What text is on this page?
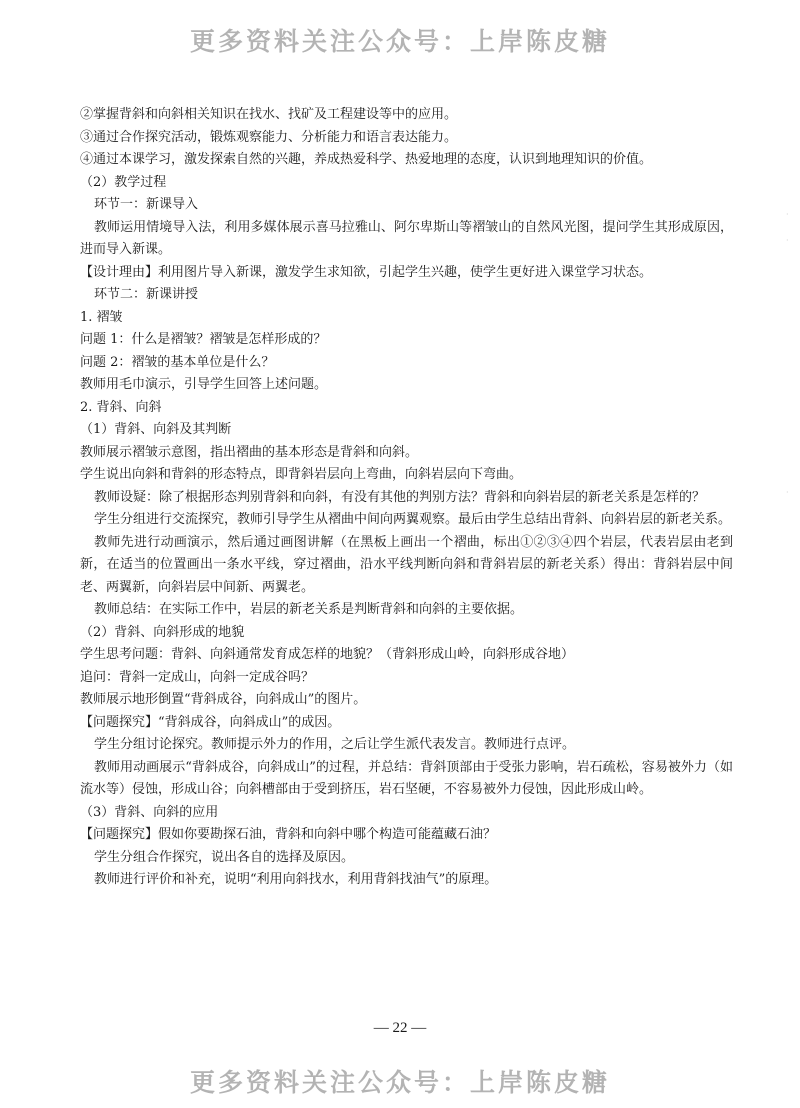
更多资料关注公众号：上岸陈皮糖
·
·
·

②掌握背斜和向斜相关知识在找水、找矿及工程建设等中的应用。

③通过合作探究活动，锻炼观察能力、分析能力和语言表达能力。

④通过本课学习，激发探索自然的兴趣，养成热爱科学、热爱地理的态度，认识到地理知识的价值。

（2）教学过程

环节一：新课导入

教师运用情境导入法，利用多媒体展示喜马拉雅山、阿尔卑斯山等褶皱山的自然风光图，提问学生其形成原因，进而导入新课。

【设计理由】利用图片导入新课，激发学生求知欲，引起学生兴趣，使学生更好进入课堂学习状态。

环节二：新课讲授

1. 褶皱

问题 1：什么是褶皱？褶皱是怎样形成的？

问题 2：褶皱的基本单位是什么？

教师用毛巾演示，引导学生回答上述问题。

2. 背斜、向斜

（1）背斜、向斜及其判断

教师展示褶皱示意图，指出褶曲的基本形态是背斜和向斜。

学生说出向斜和背斜的形态特点，即背斜岩层向上弯曲，向斜岩层向下弯曲。

教师设疑：除了根据形态判别背斜和向斜，有没有其他的判别方法？背斜和向斜岩层的新老关系是怎样的？

学生分组进行交流探究，教师引导学生从褶曲中间向两翼观察。最后由学生总结出背斜、向斜岩层的新老关系。

教师先进行动画演示，然后通过画图讲解（在黑板上画出一个褶曲，标出①②③④四个岩层，代表岩层由老到新，在适当的位置画出一条水平线，穿过褶曲，沿水平线判断向斜和背斜岩层的新老关系）得出：背斜岩层中间老、两翼新，向斜岩层中间新、两翼老。

教师总结：在实际工作中，岩层的新老关系是判断背斜和向斜的主要依据。

（2）背斜、向斜形成的地貌

学生思考问题：背斜、向斜通常发育成怎样的地貌？（背斜形成山岭，向斜形成谷地）

追问：背斜一定成山，向斜一定成谷吗？

教师展示地形倒置“背斜成谷，向斜成山”的图片。

【问题探究】“背斜成谷，向斜成山”的成因。

学生分组讨论探究。教师提示外力的作用，之后让学生派代表发言。教师进行点评。

教师用动画展示“背斜成谷，向斜成山”的过程，并总结：背斜顶部由于受张力影响，岩石疏松，容易被外力（如流水等）侵蚀，形成山谷；向斜槽部由于受到挤压，岩石坚硬，不容易被外力侵蚀，因此形成山岭。

（3）背斜、向斜的应用

【问题探究】假如你要勘探石油，背斜和向斜中哪个构造可能蕴藏石油？

学生分组合作探究，说出各自的选择及原因。

教师进行评价和补充，说明“利用向斜找水，利用背斜找油气”的原理。

— 22 —
更多资料关注公众号：上岸陈皮糖
